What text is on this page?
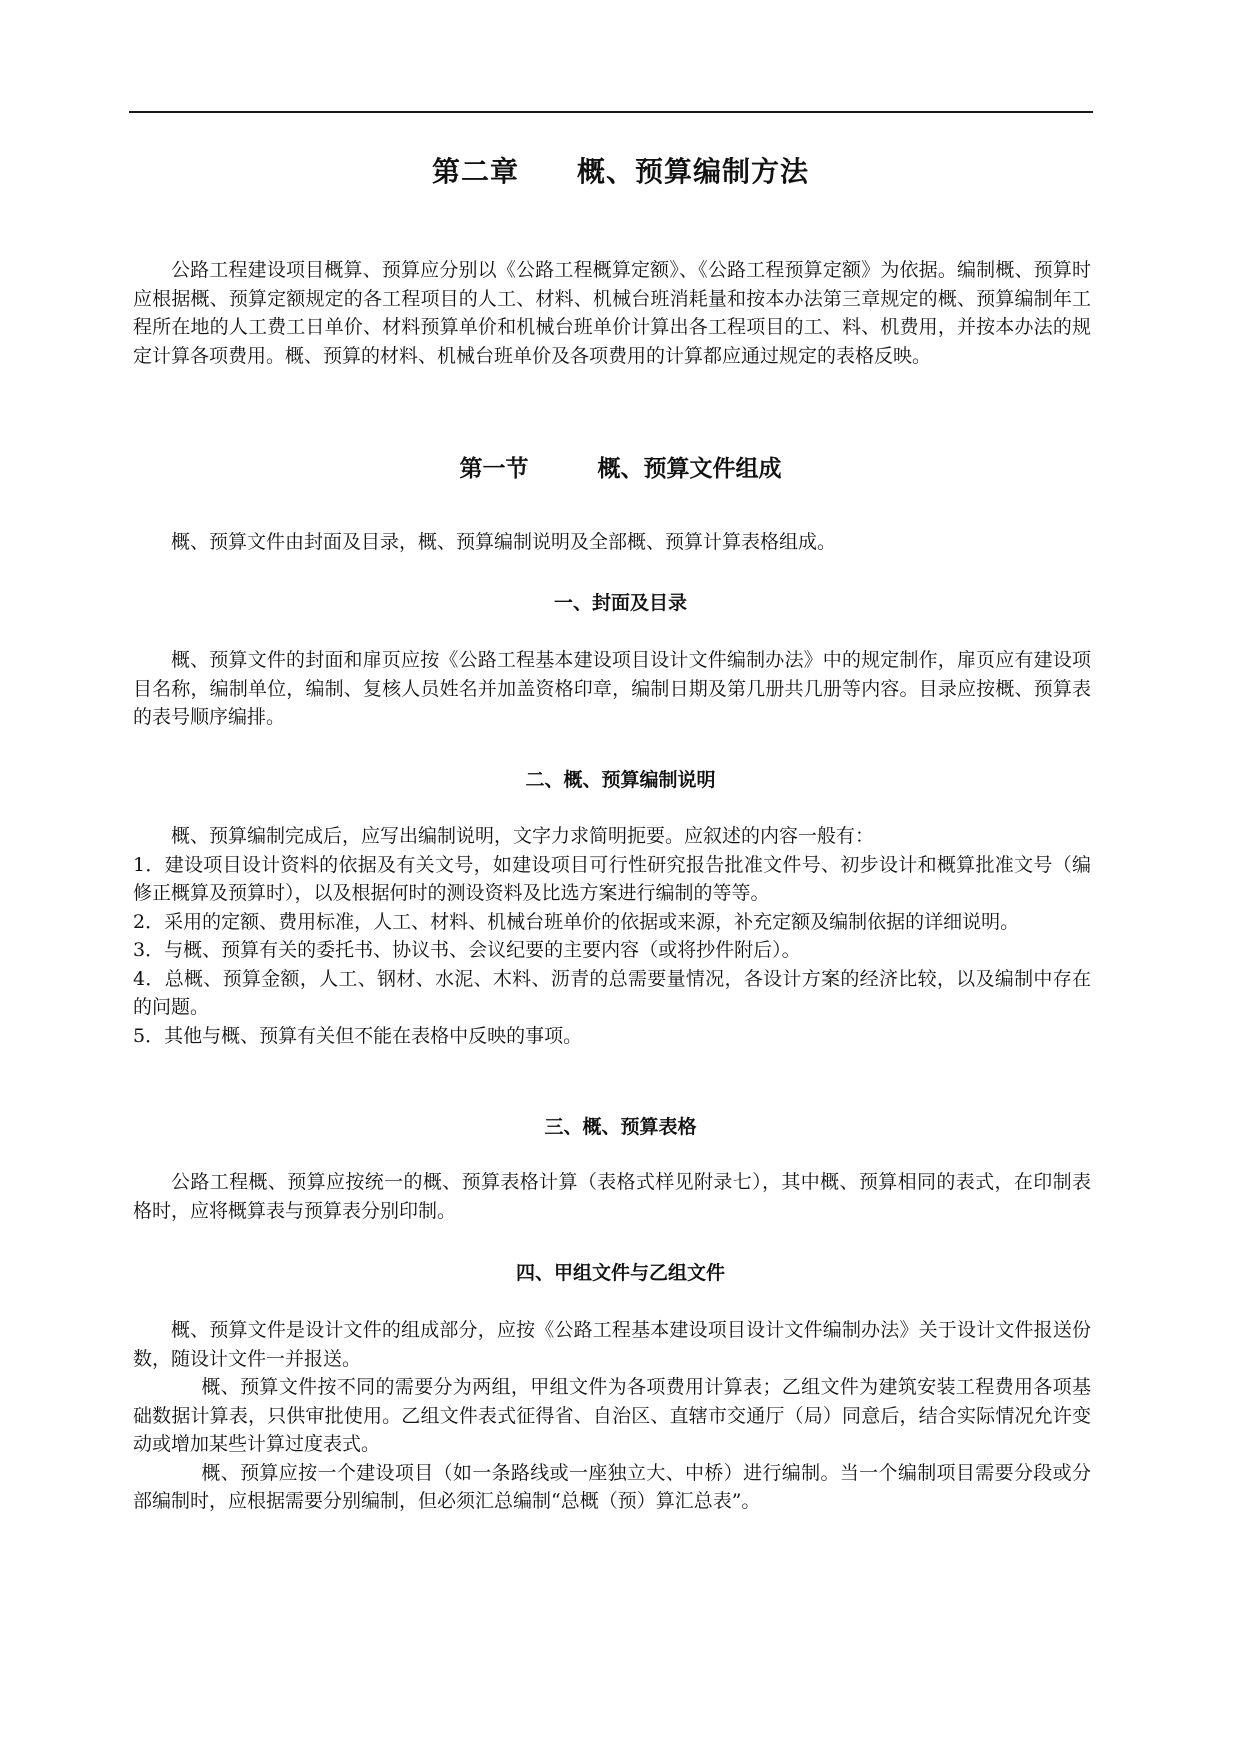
第二章　　概、预算编制方法

公路工程建设项目概算、预算应分别以《公路工程概算定额》、《公路工程预算定额》为依据。编制概、预算时应根据概、预算定额规定的各工程项目的人工、材料、机械台班消耗量和按本办法第三章规定的概、预算编制年工程所在地的人工费工日单价、材料预算单价和机械台班单价计算出各工程项目的工、料、机费用，并按本办法的规定计算各项费用。概、预算的材料、机械台班单价及各项费用的计算都应通过规定的表格反映。

第一节　　　概、预算文件组成

概、预算文件由封面及目录，概、预算编制说明及全部概、预算计算表格组成。

一、封面及目录

概、预算文件的封面和扉页应按《公路工程基本建设项目设计文件编制办法》中的规定制作，扉页应有建设项目名称，编制单位，编制、复核人员姓名并加盖资格印章，编制日期及第几册共几册等内容。目录应按概、预算表的表号顺序编排。

二、概、预算编制说明

概、预算编制完成后，应写出编制说明，文字力求简明扼要。应叙述的内容一般有：

1．建设项目设计资料的依据及有关文号，如建设项目可行性研究报告批准文件号、初步设计和概算批准文号（编修正概算及预算时），以及根据何时的测设资料及比选方案进行编制的等等。

2．采用的定额、费用标准，人工、材料、机械台班单价的依据或来源，补充定额及编制依据的详细说明。

3．与概、预算有关的委托书、协议书、会议纪要的主要内容（或将抄件附后）。

4．总概、预算金额，人工、钢材、水泥、木料、沥青的总需要量情况，各设计方案的经济比较，以及编制中存在的问题。

5．其他与概、预算有关但不能在表格中反映的事项。

三、概、预算表格

公路工程概、预算应按统一的概、预算表格计算（表格式样见附录七），其中概、预算相同的表式，在印制表格时，应将概算表与预算表分别印制。

四、甲组文件与乙组文件

概、预算文件是设计文件的组成部分，应按《公路工程基本建设项目设计文件编制办法》关于设计文件报送份数，随设计文件一并报送。

概、预算文件按不同的需要分为两组，甲组文件为各项费用计算表；乙组文件为建筑安装工程费用各项基础数据计算表，只供审批使用。乙组文件表式征得省、自治区、直辖市交通厅（局）同意后，结合实际情况允许变动或增加某些计算过度表式。

概、预算应按一个建设项目（如一条路线或一座独立大、中桥）进行编制。当一个编制项目需要分段或分部编制时，应根据需要分别编制，但必须汇总编制“总概（预）算汇总表”。
